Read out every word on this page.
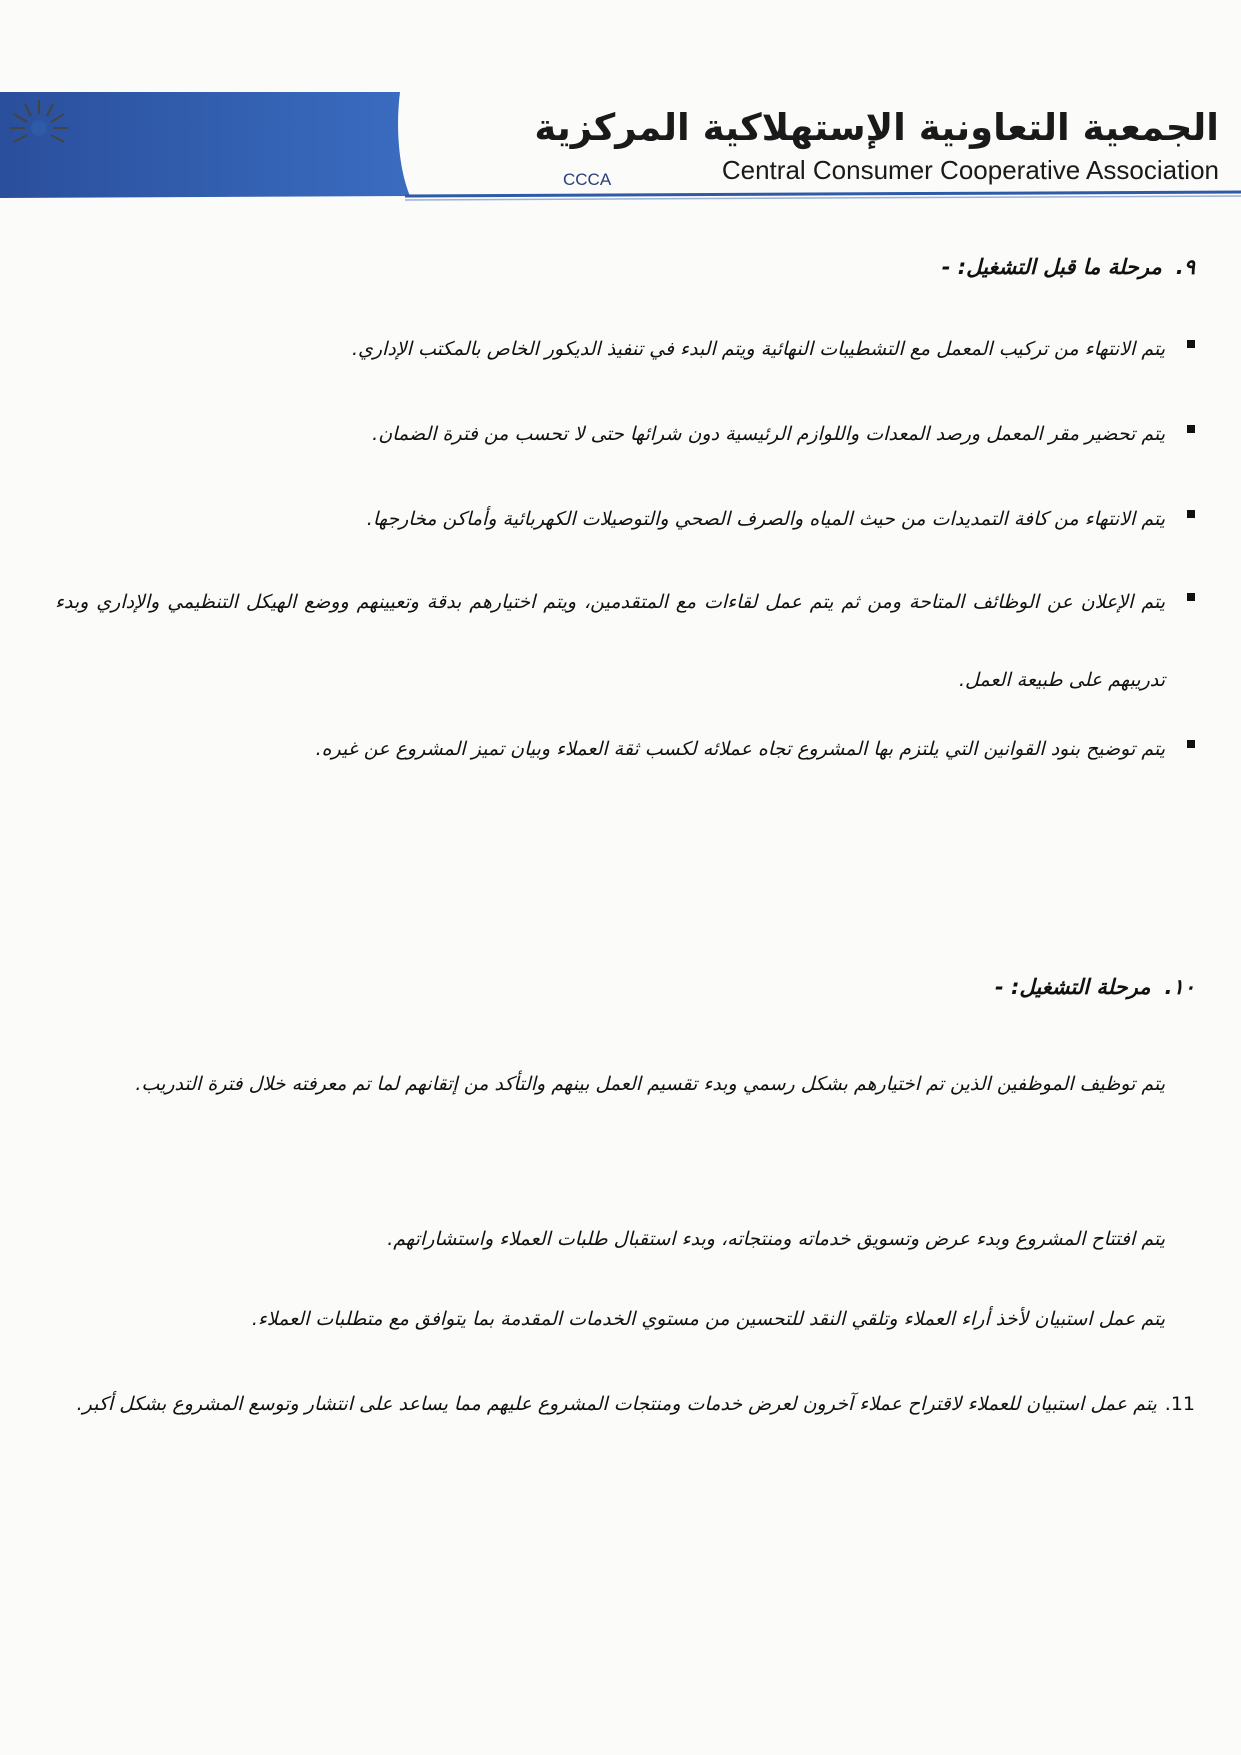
CCCA
الجمعية التعاونية الإستهلاكية المركزية
Central Consumer Cooperative Association
٩.مرحلة ما قبل التشغيل: -
يتم الانتهاء من تركيب المعمل مع التشطيبات النهائية ويتم البدء في تنفيذ الديكور الخاص بالمكتب الإداري.
يتم تحضير مقر المعمل ورصد المعدات واللوازم الرئيسية دون شرائها حتى لا تحسب من فترة الضمان.
يتم الانتهاء من كافة التمديدات من حيث المياه والصرف الصحي والتوصيلات الكهربائية وأماكن مخارجها.
يتم الإعلان عن الوظائف المتاحة ومن ثم يتم عمل لقاءات مع المتقدمين، ويتم اختيارهم بدقة وتعيينهم ووضع الهيكل التنظيمي والإداري وبدء تدريبهم على طبيعة العمل.
يتم توضيح بنود القوانين التي يلتزم بها المشروع تجاه عملائه لكسب ثقة العملاء وبيان تميز المشروع عن غيره.
١٠.مرحلة التشغيل: -
يتم توظيف الموظفين الذين تم اختيارهم بشكل رسمي وبدء تقسيم العمل بينهم والتأكد من إتقانهم لما تم معرفته خلال فترة التدريب.
يتم افتتاح المشروع وبدء عرض وتسويق خدماته ومنتجاته، وبدء استقبال طلبات العملاء واستشاراتهم.
يتم عمل استبيان لأخذ أراء العملاء وتلقي النقد للتحسين من مستوي الخدمات المقدمة بما يتوافق مع متطلبات العملاء.
11.يتم عمل استبيان للعملاء لاقتراح عملاء آخرون لعرض خدمات ومنتجات المشروع عليهم مما يساعد على انتشار وتوسع المشروع بشكل أكبر.
